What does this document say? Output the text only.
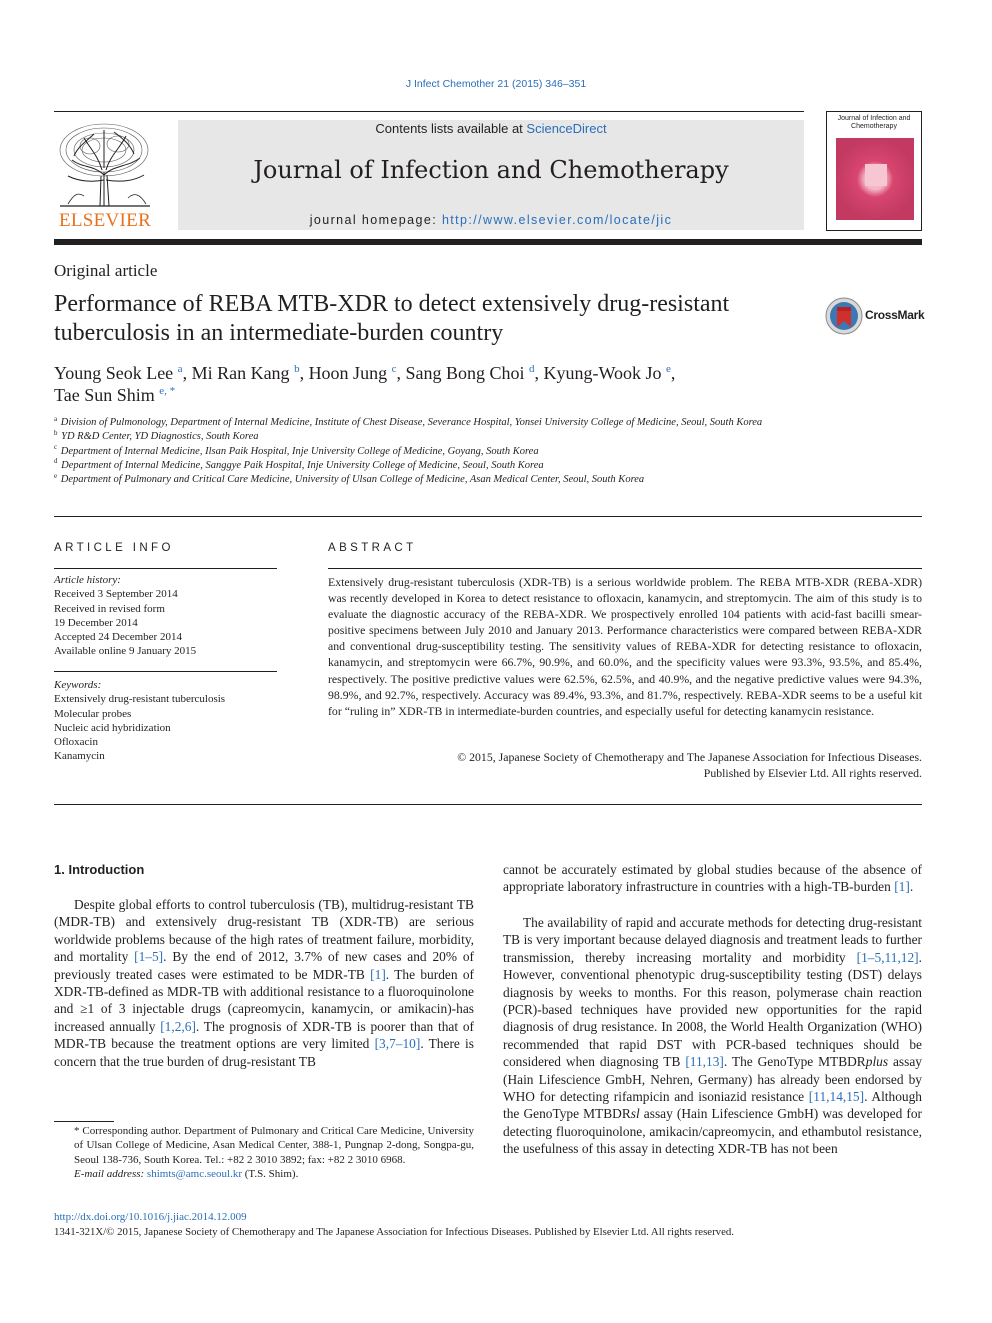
J Infect Chemother 21 (2015) 346–351
ELSEVIER
Contents lists available at ScienceDirect
Journal of Infection and Chemotherapy
journal homepage: http://www.elsevier.com/locate/jic
Journal of Infection and Chemotherapy
Original article
Performance of REBA MTB-XDR to detect extensively drug-resistant tuberculosis in an intermediate-burden country
CrossMark
Young Seok Lee $^a$, Mi Ran Kang $^b$, Hoon Jung $^c$, Sang Bong Choi $^d$, Kyung-Wook Jo $^e$,
Tae Sun Shim $^{e, *}$
$^a$ Division of Pulmonology, Department of Internal Medicine, Institute of Chest Disease, Severance Hospital, Yonsei University College of Medicine, Seoul, South Korea
$^b$ YD R&D Center, YD Diagnostics, South Korea
$^c$ Department of Internal Medicine, Ilsan Paik Hospital, Inje University College of Medicine, Goyang, South Korea
$^d$ Department of Internal Medicine, Sanggye Paik Hospital, Inje University College of Medicine, Seoul, South Korea
$^e$ Department of Pulmonary and Critical Care Medicine, University of Ulsan College of Medicine, Asan Medical Center, Seoul, South Korea
ARTICLE INFO	ABSTRACT
Article history:
Received 3 September 2014
Received in revised form
19 December 2014
Accepted 24 December 2014
Available online 9 January 2015
Keywords:
Extensively drug-resistant tuberculosis
Molecular probes
Nucleic acid hybridization
Ofloxacin
Kanamycin
Extensively drug-resistant tuberculosis (XDR-TB) is a serious worldwide problem. The REBA MTB-XDR (REBA-XDR) was recently developed in Korea to detect resistance to ofloxacin, kanamycin, and streptomycin. The aim of this study is to evaluate the diagnostic accuracy of the REBA-XDR. We prospectively enrolled 104 patients with acid-fast bacilli smear-positive specimens between July 2010 and January 2013. Performance characteristics were compared between REBA-XDR and conventional drug-susceptibility testing. The sensitivity values of REBA-XDR for detecting resistance to ofloxacin, kanamycin, and streptomycin were 66.7%, 90.9%, and 60.0%, and the specificity values were 93.3%, 93.5%, and 85.4%, respectively. The positive predictive values were 62.5%, 62.5%, and 40.9%, and the negative predictive values were 94.3%, 98.9%, and 92.7%, respectively. Accuracy was 89.4%, 93.3%, and 81.7%, respectively. REBA-XDR seems to be a useful kit for “ruling in” XDR-TB in intermediate-burden countries, and especially useful for detecting kanamycin resistance.
© 2015, Japanese Society of Chemotherapy and The Japanese Association for Infectious Diseases.
Published by Elsevier Ltd. All rights reserved.
1. Introduction
Despite global efforts to control tuberculosis (TB), multidrug-resistant TB (MDR-TB) and extensively drug-resistant TB (XDR-TB) are serious worldwide problems because of the high rates of treatment failure, morbidity, and mortality [1–5]. By the end of 2012, 3.7% of new cases and 20% of previously treated cases were estimated to be MDR-TB [1]. The burden of XDR-TB-defined as MDR-TB with additional resistance to a fluoroquinolone and ≥1 of 3 injectable drugs (capreomycin, kanamycin, or amikacin)-has increased annually [1,2,6]. The prognosis of XDR-TB is poorer than that of MDR-TB because the treatment options are very limited [3,7–10]. There is concern that the true burden of drug-resistant TB
cannot be accurately estimated by global studies because of the absence of appropriate laboratory infrastructure in countries with a high-TB-burden [1].
The availability of rapid and accurate methods for detecting drug-resistant TB is very important because delayed diagnosis and treatment leads to further transmission, thereby increasing mortality and morbidity [1–5,11,12]. However, conventional phenotypic drug-susceptibility testing (DST) delays diagnosis by weeks to months. For this reason, polymerase chain reaction (PCR)-based techniques have provided new opportunities for the rapid diagnosis of drug resistance. In 2008, the World Health Organization (WHO) recommended that rapid DST with PCR-based techniques should be considered when diagnosing TB [11,13]. The GenoType MTBDRplus assay (Hain Lifescience GmbH, Nehren, Germany) has already been endorsed by WHO for detecting rifampicin and isoniazid resistance [11,14,15]. Although the GenoType MTBDRsl assay (Hain Lifescience GmbH) was developed for detecting fluoroquinolone, amikacin/capreomycin, and ethambutol resistance, the usefulness of this assay in detecting XDR-TB has not been
* Corresponding author. Department of Pulmonary and Critical Care Medicine, University of Ulsan College of Medicine, Asan Medical Center, 388-1, Pungnap 2-dong, Songpa-gu, Seoul 138-736, South Korea. Tel.: +82 2 3010 3892; fax: +82 2 3010 6968.
E-mail address: shimts@amc.seoul.kr (T.S. Shim).
http://dx.doi.org/10.1016/j.jiac.2014.12.009
1341-321X/© 2015, Japanese Society of Chemotherapy and The Japanese Association for Infectious Diseases. Published by Elsevier Ltd. All rights reserved.
